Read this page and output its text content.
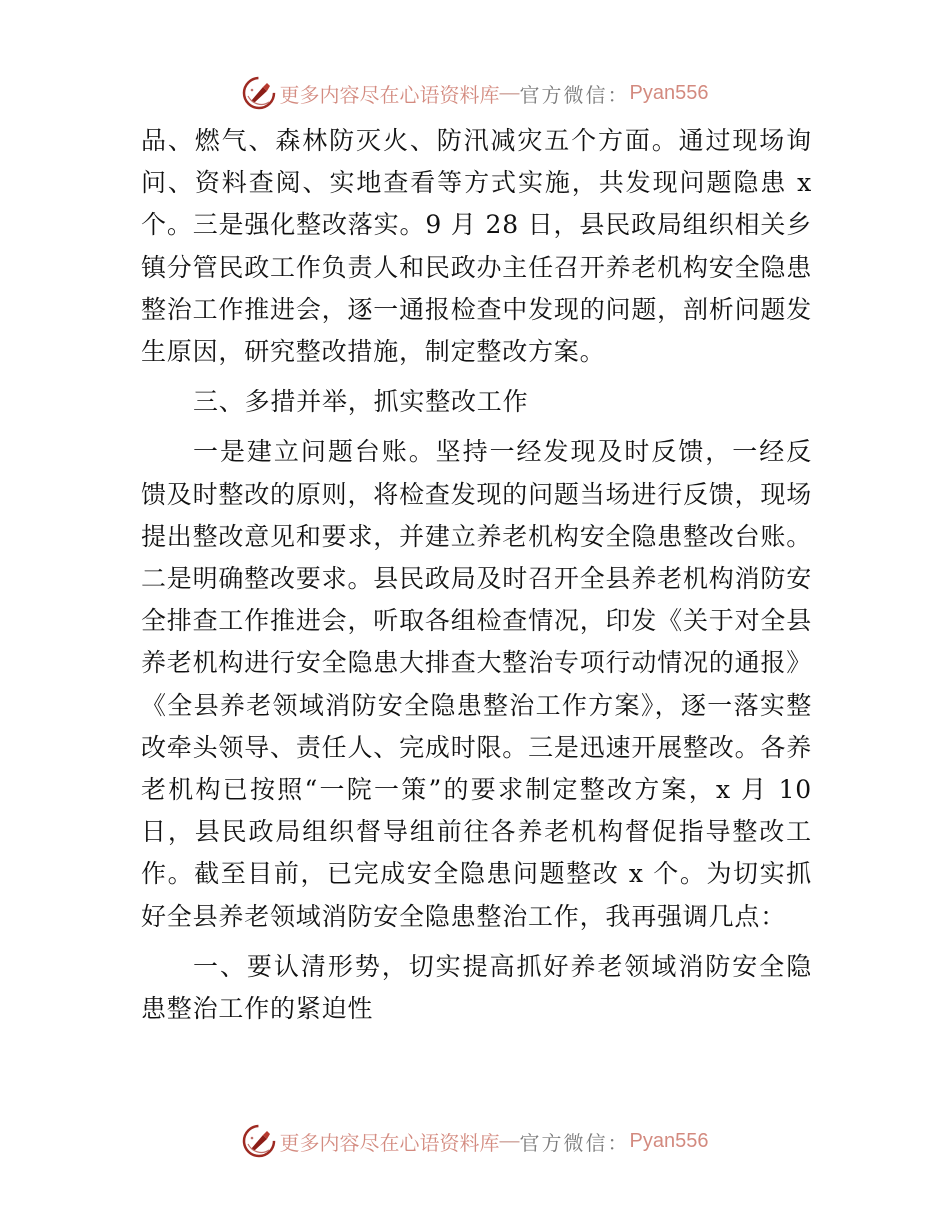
更多内容尽在心语资料库 — 官方微信： Pyan556

品、燃气、森林防灭火、防汛减灾五个方面。通过现场询问、资料查阅、实地查看等方式实施，共发现问题隐患 x 个。三是强化整改落实。9 月 28 日，县民政局组织相关乡镇分管民政工作负责人和民政办主任召开养老机构安全隐患整治工作推进会，逐一通报检查中发现的问题，剖析问题发生原因，研究整改措施，制定整改方案。

三、多措并举，抓实整改工作

一是建立问题台账。坚持一经发现及时反馈，一经反馈及时整改的原则，将检查发现的问题当场进行反馈，现场提出整改意见和要求，并建立养老机构安全隐患整改台账。二是明确整改要求。县民政局及时召开全县养老机构消防安全排查工作推进会，听取各组检查情况，印发《关于对全县养老机构进行安全隐患大排查大整治专项行动情况的通报》《全县养老领域消防安全隐患整治工作方案》，逐一落实整改牵头领导、责任人、完成时限。三是迅速开展整改。各养老机构已按照“一院一策”的要求制定整改方案，x 月 10 日，县民政局组织督导组前往各养老机构督促指导整改工作。截至目前，已完成安全隐患问题整改 x 个。为切实抓好全县养老领域消防安全隐患整治工作，我再强调几点：

一、要认清形势，切实提高抓好养老领域消防安全隐患整治工作的紧迫性

更多内容尽在心语资料库 — 官方微信： Pyan556
